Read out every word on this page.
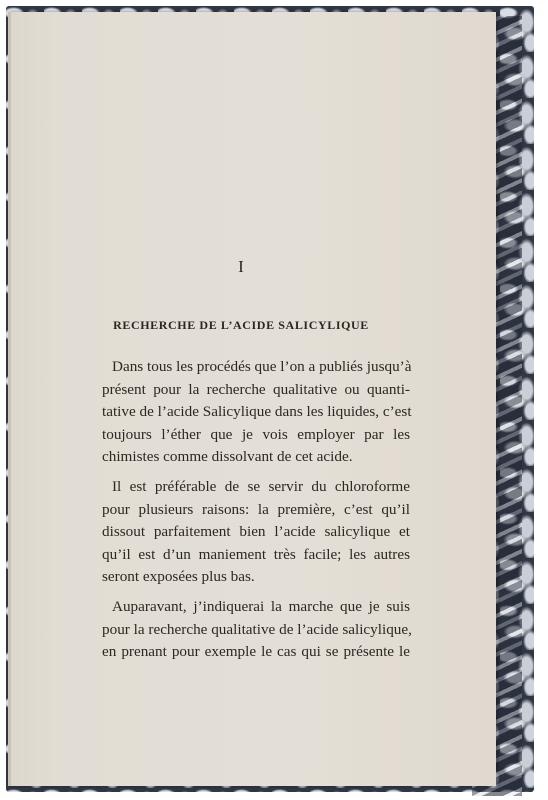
I
RECHERCHE DE L’ACIDE SALICYLIQUE

Dans tous les procédés que l’on a publiés jusqu’à
présent pour la recherche qualitative ou quanti-
tative de l’acide Salicylique dans les liquides, c’est
toujours l’éther que je vois employer par les
chimistes comme dissolvant de cet acide.

Il est préférable de se servir du chloroforme
pour plusieurs raisons: la première, c’est qu’il
dissout parfaitement bien l’acide salicylique et
qu’il est d’un maniement très facile; les autres
seront exposées plus bas.

Auparavant, j’indiquerai la marche que je suis
pour la recherche qualitative de l’acide salicylique,
en prenant pour exemple le cas qui se présente le
